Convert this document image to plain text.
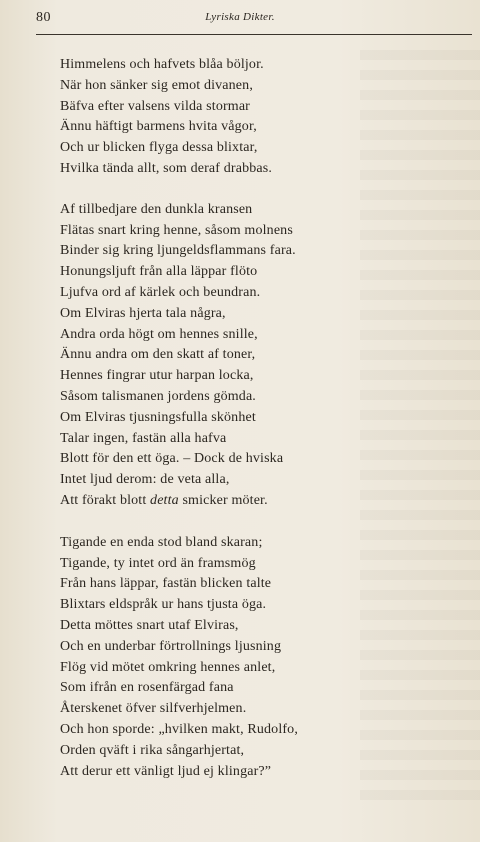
80	Lyriska Dikter.
Himmelens och hafvets blåa böljor.
När hon sänker sig emot divanen,
Bäfva efter valsens vilda stormar
Ännu häftigt barmens hvita vågor,
Och ur blicken flyga dessa blixtar,
Hvilka tända allt, som deraf drabbas.
Af tillbedjare den dunkla kransen
Flätas snart kring henne, såsom molnens
Binder sig kring ljungeldsflammans fara.
Honungsljuft från alla läppar flöto
Ljufva ord af kärlek och beundran.
Om Elviras hjerta tala några,
Andra orda högt om hennes snille,
Ännu andra om den skatt af toner,
Hennes fingrar utur harpan locka,
Såsom talismanen jordens gömda.
Om Elviras tjusningsfulla skönhet
Talar ingen, fastän alla hafva
Blott för den ett öga. – Dock de hviska
Intet ljud derom: de veta alla,
Att förakt blott detta smicker möter.
Tigande en enda stod bland skaran;
Tigande, ty intet ord än framsmög
Från hans läppar, fastän blicken talte
Blixtars eldspråk ur hans tjusta öga.
Detta möttes snart utaf Elviras,
Och en underbar förtrollnings ljusning
Flög vid mötet omkring hennes anlet,
Som ifrån en rosenfärgad fana
Återskenet öfver silfverhjelmen.
Och hon sporde: „hvilken makt, Rudolfo,
Orden qväft i rika sångarhjertat,
Att derur ett vänligt ljud ej klingar?”
